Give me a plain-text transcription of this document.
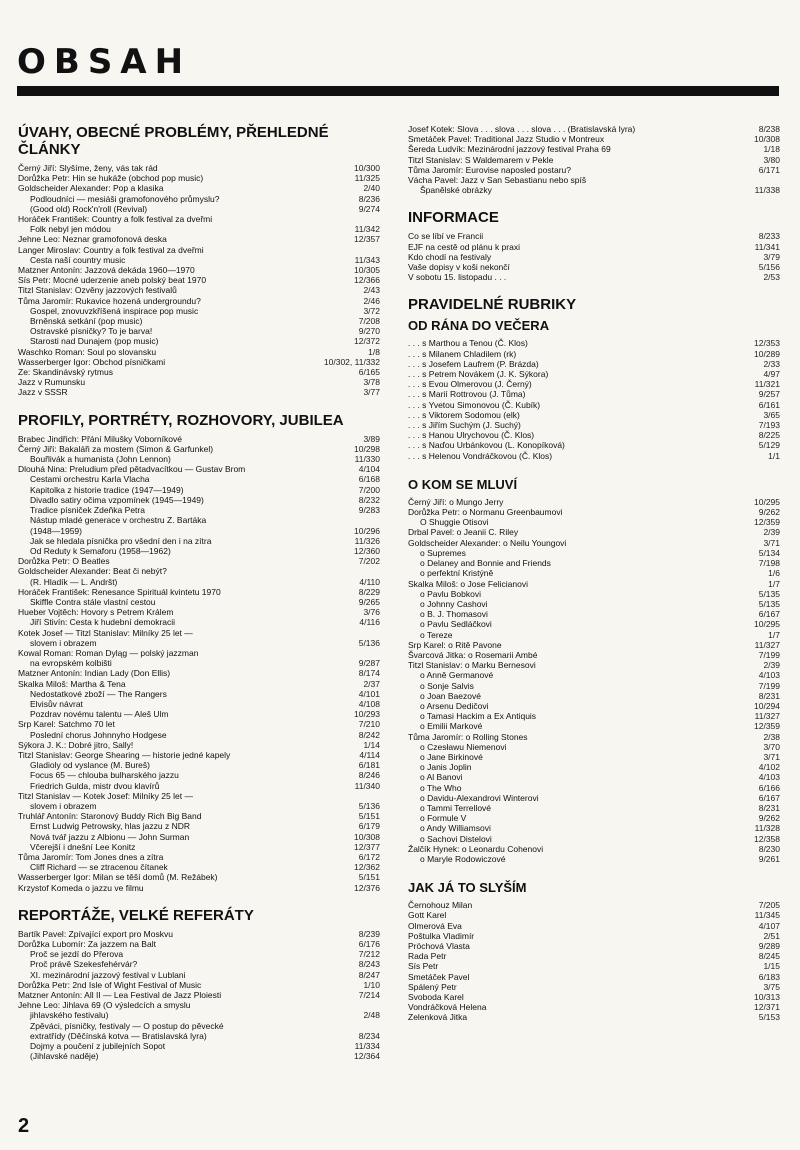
OBSAH
ÚVAHY, OBECNÉ PROBLÉMY, PŘEHLEDNÉ ČLÁNKY
Černý Jiří: Slyšíme, ženy, vás tak rád	10/300
Dorůžka Petr: Hin se hukáže (obchod pop music)	11/325
Goldscheider Alexander: Pop a klasika	2/40
Podloudníci — mesiáši gramofonového průmyslu?	8/236
(Good old) Rock'n'roll (Revival)	9/274
Horáček František: Country a folk festival za dveřmi
Folk nebyl jen módou	11/342
Jehne Leo: Neznar gramofonová deska	12/357
Langer Miroslav: Country a folk festival za dveřmi
Cesta naší country music	11/343
Matzner Antonín: Jazzová dekáda 1960—1970	10/305
Sís Petr: Mocné uderzenie aneb polský beat 1970	12/366
Titzl Stanislav: Ozvěny jazzových festivalů	2/43
Tůma Jaromír: Rukavice hozená undergroundu?	2/46
Gospel, znovuvzkříšená inspirace pop music	3/72
Brněnská setkání (pop music)	7/208
Ostravské písničky? To je barva!	9/270
Starosti nad Dunajem (pop music)	12/372
Waschko Roman: Soul po slovansku	1/8
Wasserberger Igor: Obchod písničkami	10/302, 11/332
Ze: Skandinávský rytmus	6/165
Jazz v Rumunsku	3/78
Jazz v SSSR	3/77
PROFILY, PORTRÉTY, ROZHOVORY, JUBILEA
Brabec Jindřich: Přání Milušky Voborníkové	3/89
Černý Jiří: Bakaláři za mostem (Simon & Garfunkel)	10/298
Bouřlivák a humanista (John Lennon)	11/330
Dlouhá Nina: Preludium před pětadvacítkou — Gustav Brom	4/104
Cestami orchestru Karla Vlacha	6/168
Kapitolka z historie tradice (1947—1949)	7/200
Divadlo satiry očima vzpomínek (1945—1949)	8/232
Tradice písniček Zdeňka Petra	9/283
Nástup mladé generace v orchestru Z. Bartáka
(1948—1959)	10/296
Jak se hledala písnička pro všední den i na zítra	11/326
Od Reduty k Semaforu (1958—1962)	12/360
Dorůžka Petr: O Beatles	7/202
Goldscheider Alexander: Beat či nebýt?
(R. Hladík — L. Andršt)	4/110
Horáček František: Renesance Spirituál kvintetu 1970	8/229
Skiffle Contra stále vlastní cestou	9/265
Hueber Vojtěch: Hovory s Petrem Králem	3/76
Jiří Stivín: Cesta k hudební demokracii	4/116
Kotek Josef — Titzl Stanislav: Milníky 25 let —
slovem i obrazem	5/136
Kowal Roman: Roman Dyląg — polský jazzman
na evropském kolbišti	9/287
Matzner Antonín: Indian Lady (Don Ellis)	8/174
Skalka Miloš: Martha & Tena	2/37
Nedostatkové zboží — The Rangers	4/101
Elvisův návrat	4/108
Pozdrav novému talentu — Aleš Ulm	10/293
Srp Karel: Satchmo 70 let	7/210
Poslední chorus Johnnyho Hodgese	8/242
Sýkora J. K.: Dobré jitro, Sally!	1/14
Titzl Stanislav: George Shearing — historie jedné kapely	4/114
Gladioly od vyslance (M. Bureš)	6/181
Focus 65 — chlouba bulharského jazzu	8/246
Friedrich Gulda, mistr dvou klavírů	11/340
Titzl Stanislav — Kotek Josef: Milníky 25 let —
slovem i obrazem	5/136
Truhlář Antonín: Staronový Buddy Rich Big Band	5/151
Ernst Ludwig Petrowsky, hlas jazzu z NDR	6/179
Nová tvář jazzu z Albionu — John Surman	10/308
Včerejší i dnešní Lee Konitz	12/377
Tůma Jaromír: Tom Jones dnes a zítra	6/172
Cliff Richard — se ztracenou čítanek	12/362
Wasserberger Igor: Milan se těší domů (M. Režábek)	5/151
Krzystof Komeda o jazzu ve filmu	12/376
REPORTÁŽE, VELKÉ REFERÁTY
Bartík Pavel: Zpívající export pro Moskvu	8/239
Dorůžka Lubomír: Za jazzem na Balt	6/176
Proč se jezdí do Přerova	7/212
Proč právě Szekesfehérvár?	8/243
XI. mezinárodní jazzový festival v Lublani	8/247
Dorůžka Petr: 2nd Isle of Wight Festival of Music	1/10
Matzner Antonín: All II — Lea Festival de Jazz Ploiesti	7/214
Jehne Leo: Jihlava 69 (O výsledcích a smyslu
jihlavského festivalu)	2/48
Zpěváci, písničky, festivaly — O postup do pěvecké
extratřídy (Děčínská kotva — Bratislavská lyra)	8/234
Dojmy a poučení z jubilejních Sopot	11/334
(Jihlavské naděje)	12/364
Josef Kotek: Slova . . . slova . . . slova . . . (Bratislavská lyra)	8/238
Smetáček Pavel: Traditional Jazz Studio v Montreux	10/308
Šereda Ludvík: Mezinárodní jazzový festival Praha 69	1/18
Titzl Stanislav: S Waldemarem v Pekle	3/80
Tůma Jaromír: Eurovise naposled postaru?	6/171
Vácha Pavel: Jazz v San Sebastianu nebo spíš
Španělské obrázky	11/338
INFORMACE
Co se líbí ve Francii	8/233
EJF na cestě od plánu k praxi	11/341
Kdo chodí na festivaly	3/79
Vaše dopisy v koši nekončí	5/156
V sobotu 15. listopadu . . .	2/53
PRAVIDELNÉ RUBRIKY
OD RÁNA DO VEČERA
. . . s Marthou a Tenou (Č. Klos)	12/353
. . . s Milanem Chladilem (rk)	10/289
. . . s Josefem Laufrem (P. Brázda)	2/33
. . . s Petrem Novákem (J. K. Sýkora)	4/97
. . . s Evou Olmerovou (J. Černý)	11/321
. . . s Marií Rottrovou (J. Tůma)	9/257
. . . s Yvetou Simonovou (Č. Kubík)	6/161
. . . s Viktorem Sodomou (elk)	3/65
. . . s Jiřím Suchým (J. Suchý)	7/193
. . . s Hanou Ulrychovou (Č. Klos)	8/225
. . . s Naďou Urbánkovou (L. Konopíková)	5/129
. . . s Helenou Vondráčkovou (Č. Klos)	1/1
O KOM SE MLUVÍ
Černý Jiří: o Mungo Jerry	10/295
Dorůžka Petr: o Normanu Greenbaumovi	9/262
O Shuggie Otisovi	12/359
Drbal Pavel: o Jeanii C. Riley	2/39
Goldscheider Alexander: o Neilu Youngovi	3/71
o Supremes	5/134
o Delaney and Bonnie and Friends	7/198
o perfektní Kristýně	1/6
Skalka Miloš: o Jose Felicianovi	1/7
o Pavlu Bobkovi	5/135
o Johnny Cashovi	5/135
o B. J. Thomasovi	6/167
o Pavlu Sedláčkovi	10/295
o Tereze	1/7
Srp Karel: o Ritě Pavone	11/327
Švarcová Jitka: o Rosemarii Ambé	7/199
Titzl Stanislav: o Marku Bernesovi	2/39
o Anně Germanové	4/103
o Sonje Salvis	7/199
o Joan Baezové	8/231
o Arsenu Dedičovi	10/294
o Tamasi Hackim a Ex Antiquis	11/327
o Emilii Markové	12/359
Tůma Jaromír: o Rolling Stones	2/38
o Czesławu Niemenovi	3/70
o Jane Birkinové	3/71
o Janis Joplin	4/102
o Al Banovi	4/103
o The Who	6/166
o Davidu-Alexandrovi Winterovi	6/167
o Tammi Terrellové	8/231
o Formule V	9/262
o Andy Williamsovi	11/328
o Sachovi Distelovi	12/358
Žalčík Hynek: o Leonardu Cohenovi	8/230
o Maryle Rodowiczové	9/261
JAK JÁ TO SLYŠÍM
Černohouz Milan	7/205
Gott Karel	11/345
Olmerová Eva	4/107
Poštulka Vladimír	2/51
Pröchová Vlasta	9/289
Rada Petr	8/245
Sís Petr	1/15
Smetáček Pavel	6/183
Spálený Petr	3/75
Svoboda Karel	10/313
Vondráčková Helena	12/371
Zelenková Jitka	5/153
2
